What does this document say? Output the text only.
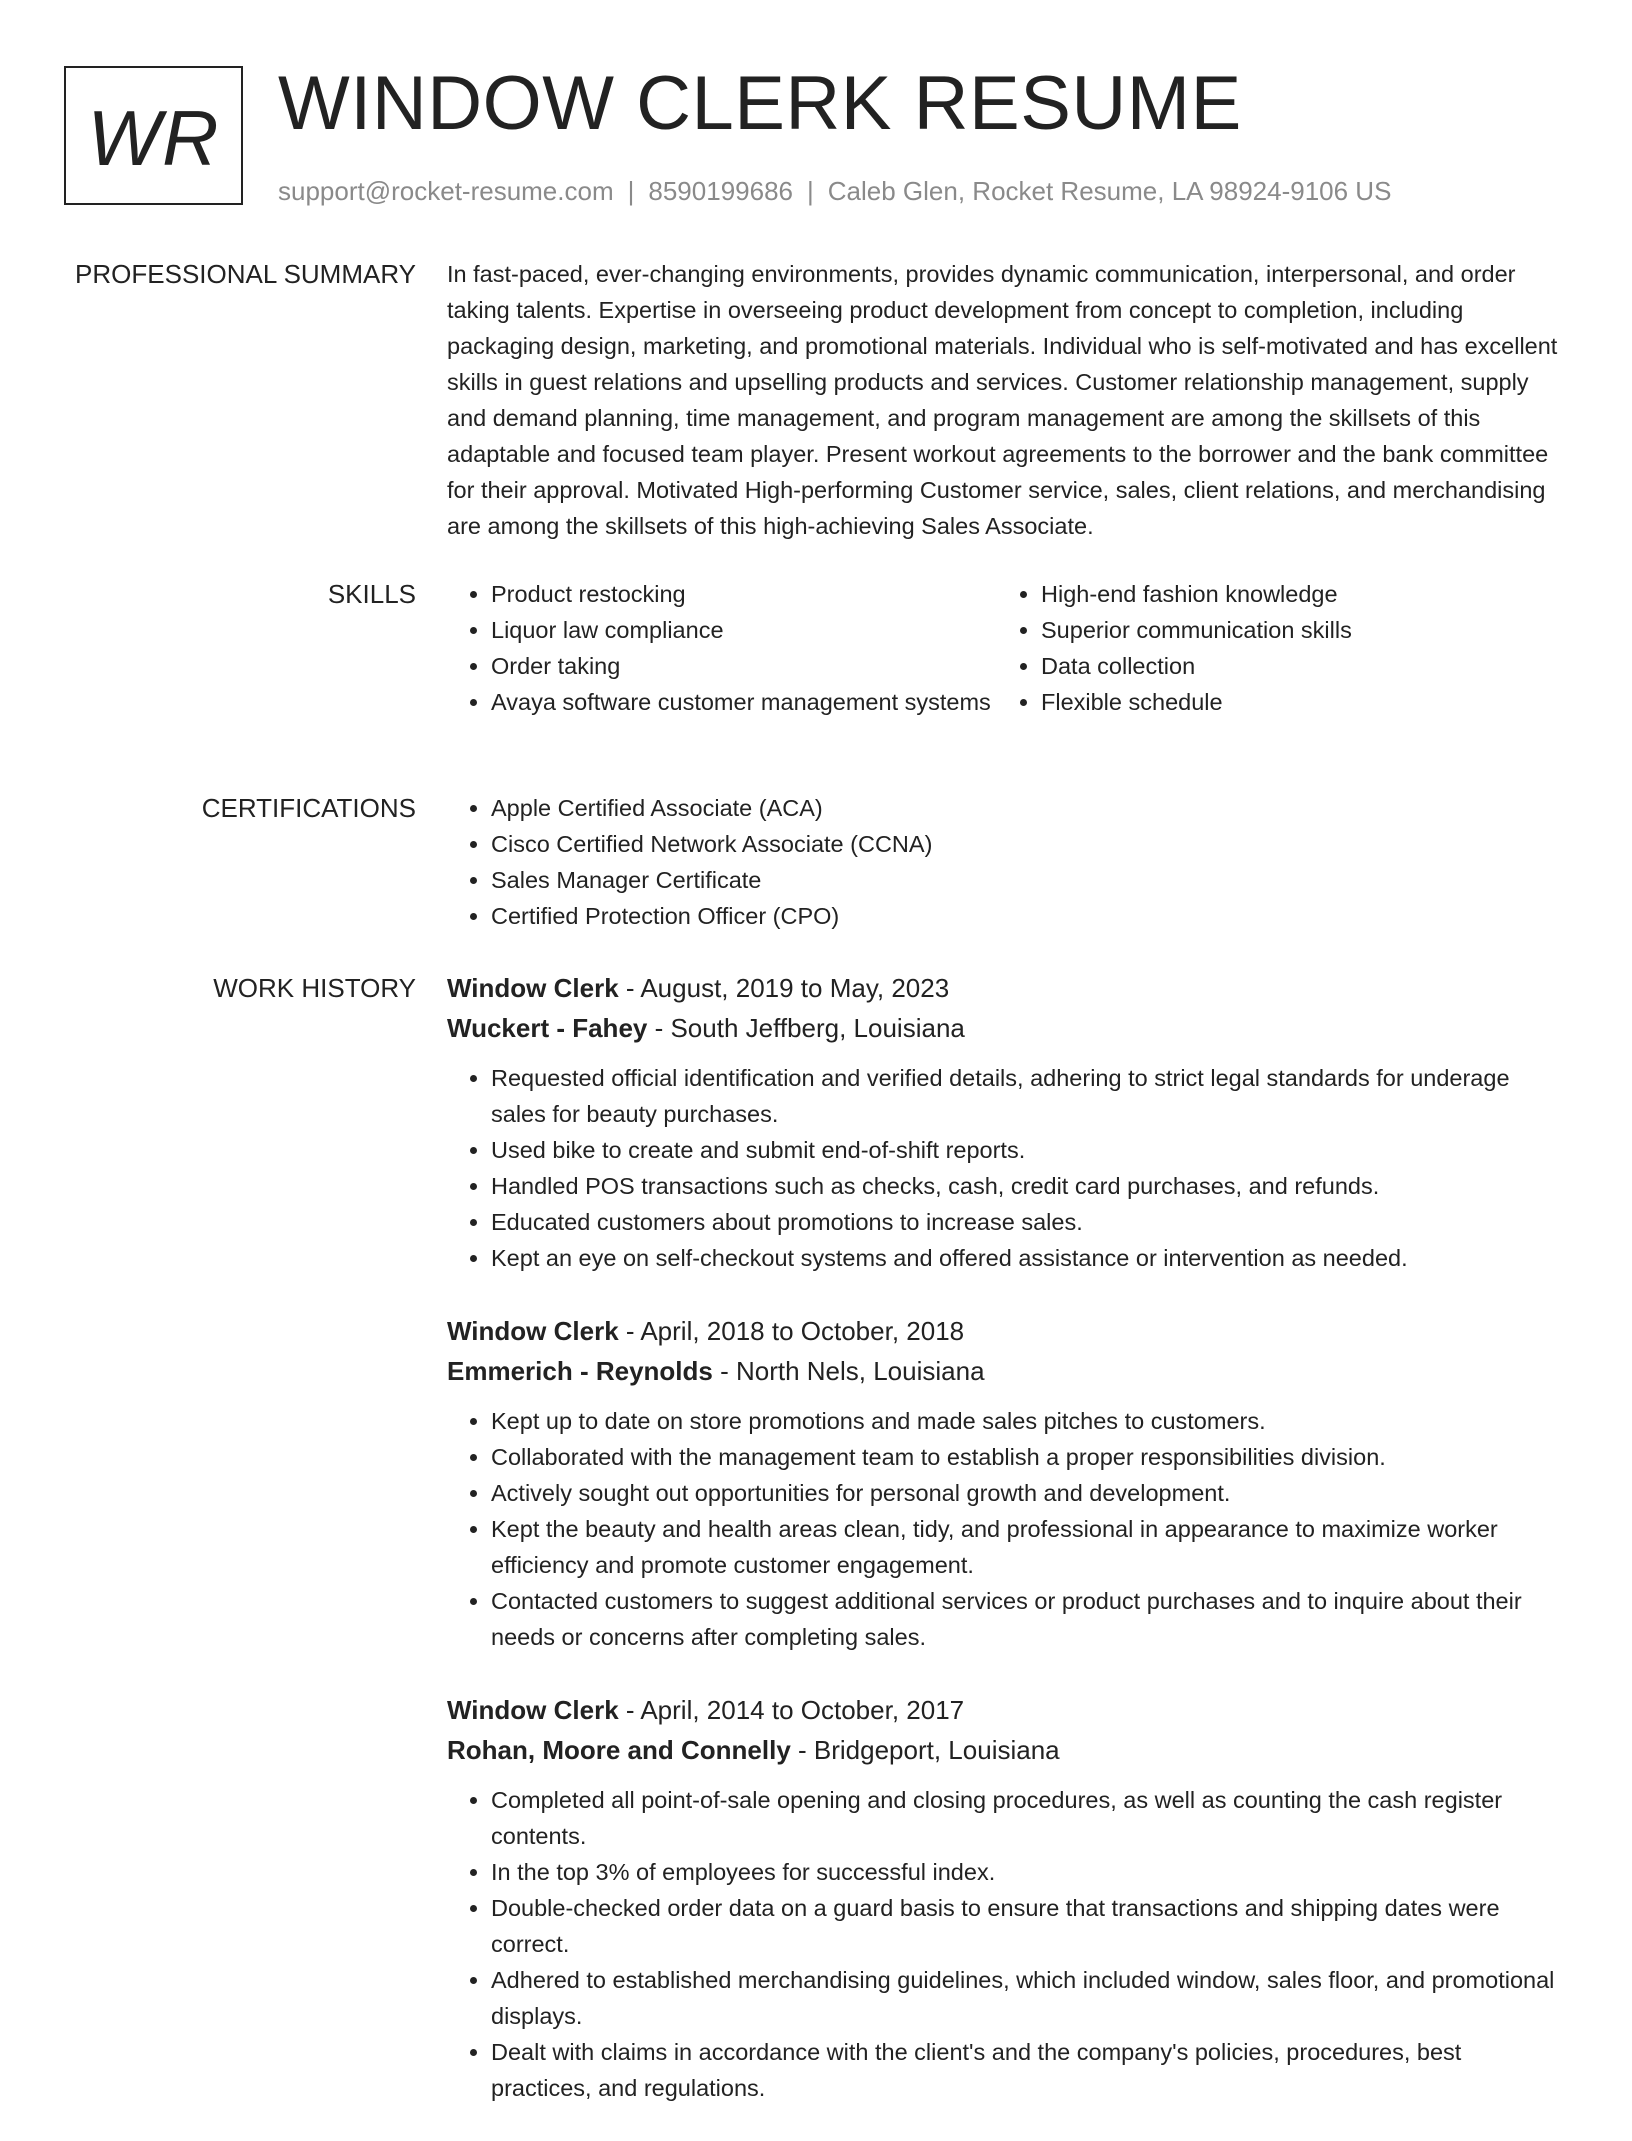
WR WINDOW CLERK RESUME
support@rocket-resume.com | 8590199686 | Caleb Glen, Rocket Resume, LA 98924-9106 US
PROFESSIONAL SUMMARY In fast-paced, ever-changing environments, provides dynamic communication, interpersonal, and order taking talents. Expertise in overseeing product development from concept to completion, including packaging design, marketing, and promotional materials. Individual who is self-motivated and has excellent skills in guest relations and upselling products and services. Customer relationship management, supply and demand planning, time management, and program management are among the skillsets of this adaptable and focused team player. Present workout agreements to the borrower and the bank committee for their approval. Motivated High-performing Customer service, sales, client relations, and merchandising are among the skillsets of this high-achieving Sales Associate.

SKILLS	• Product restocking
• Liquor law compliance
• Order taking
• Avaya software customer management systems
• High-end fashion knowledge
• Superior communication skills
• Data collection
• Flexible schedule
CERTIFICATIONS	• Apple Certified Associate (ACA)
• Cisco Certified Network Associate (CCNA)
• Sales Manager Certificate
• Certified Protection Officer (CPO)
WORK HISTORY Window Clerk - August, 2019 to May, 2023
Wuckert - Fahey - South Jeffberg, Louisiana
• Requested official identification and verified details, adhering to strict legal standards for underage sales for beauty purchases.
• Used bike to create and submit end-of-shift reports.
• Handled POS transactions such as checks, cash, credit card purchases, and refunds.
• Educated customers about promotions to increase sales.
• Kept an eye on self-checkout systems and offered assistance or intervention as needed.
Window Clerk - April, 2018 to October, 2018
Emmerich - Reynolds - North Nels, Louisiana
• Kept up to date on store promotions and made sales pitches to customers.
• Collaborated with the management team to establish a proper responsibilities division.
• Actively sought out opportunities for personal growth and development.
• Kept the beauty and health areas clean, tidy, and professional in appearance to maximize worker efficiency and promote customer engagement.
• Contacted customers to suggest additional services or product purchases and to inquire about their needs or concerns after completing sales.
Window Clerk - April, 2014 to October, 2017
Rohan, Moore and Connelly - Bridgeport, Louisiana
• Completed all point-of-sale opening and closing procedures, as well as counting the cash register contents.
• In the top 3% of employees for successful index.
• Double-checked order data on a guard basis to ensure that transactions and shipping dates were correct.
• Adhered to established merchandising guidelines, which included window, sales floor, and promotional displays.
• Dealt with claims in accordance with the client's and the company's policies, procedures, best practices, and regulations.
